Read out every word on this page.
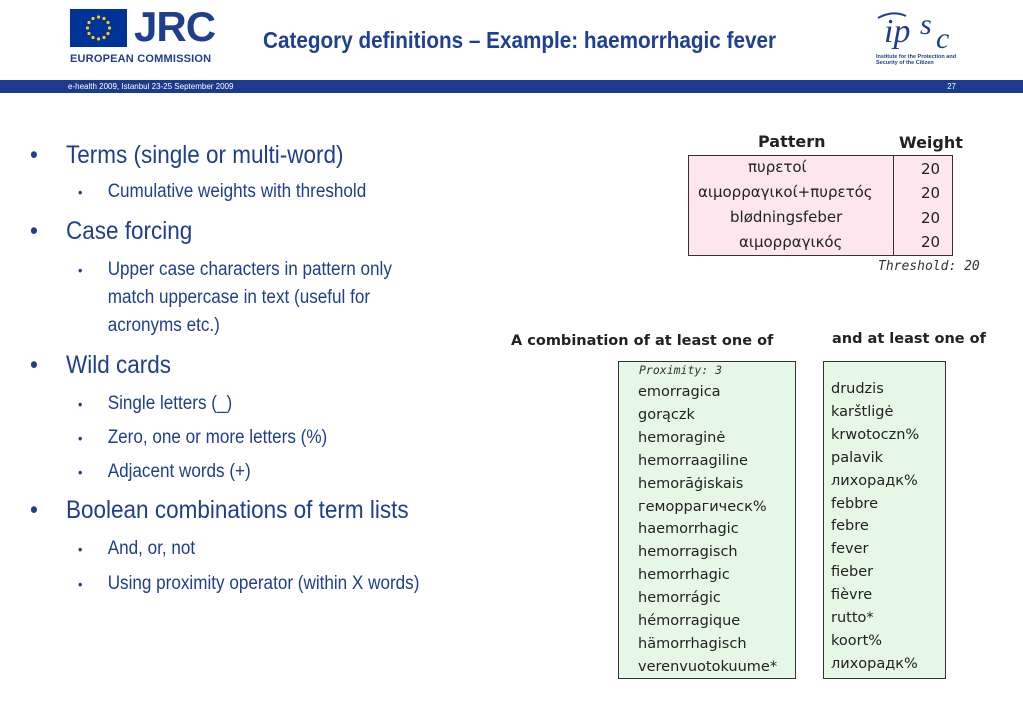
JRC
EUROPEAN COMMISSION
Category definitions – Example: haemorrhagic fever	ip s c
Institute for the Protection and Security of the Citizen
e-health 2009, Istanbul 23-25 September 2009	27
• Terms (single or multi-word)
• Cumulative weights with threshold
• Case forcing
• Upper case characters in pattern only
match uppercase in text (useful for
acronyms etc.)
• Wild cards
• Single letters (_)
• Zero, one or more letters (%)
• Adjacent words (+)
• Boolean combinations of term lists
• And, or, not
• Using proximity operator (within X words)
Pattern	Weight
πυρετοί	20
αιμορραγικοί+πυρετός	20
blødningsfeber	20
αιμορραγικός	20
Threshold: 20
A combination of at least one of	and at least one of
Proximity: 3
emorragica
gorączk
hemoraginė
hemorraagiline
hemorāģiskais
геморрагическ%
haemorrhagic
hemorragisch
hemorrhagic
hemorrágic
hémorragique
hämorrhagisch
verenvuotokuume*
drudzis
karštligė
krwotoczn%
palavik
лихорадк%
febbre
febre
fever
fieber
fièvre
rutto*
koort%
лихорадк%
